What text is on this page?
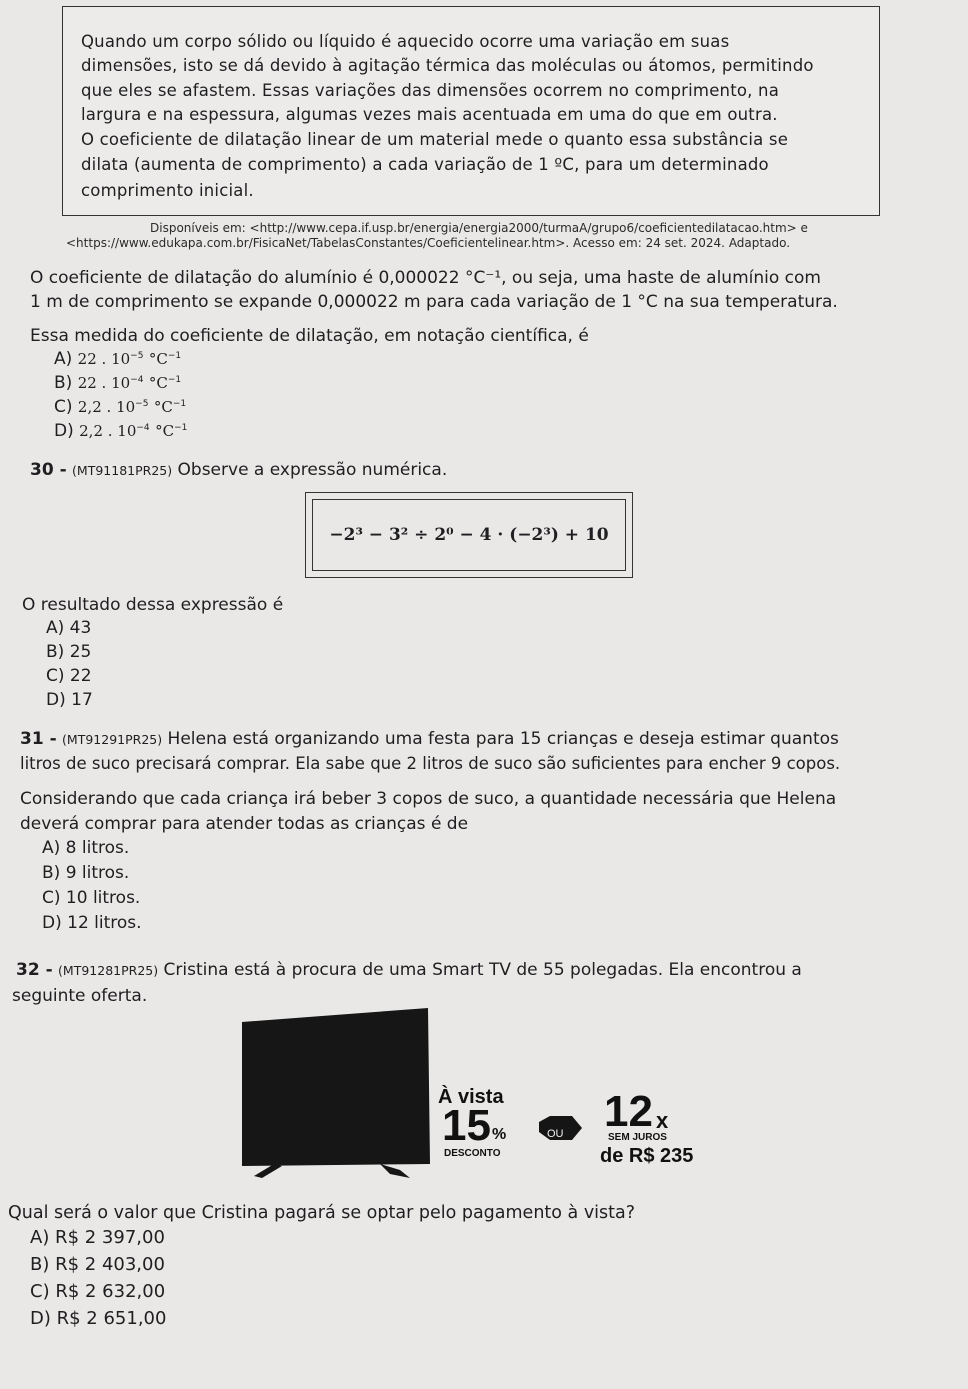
Quando um corpo sólido ou líquido é aquecido ocorre uma variação em suas
dimensões, isto se dá devido à agitação térmica das moléculas ou átomos, permitindo
que eles se afastem. Essas variações das dimensões ocorrem no comprimento, na
largura e na espessura, algumas vezes mais acentuada em uma do que em outra.
O coeficiente de dilatação linear de um material mede o quanto essa substância se
dilata (aumenta de comprimento) a cada variação de 1 ºC, para um determinado
comprimento inicial.
Disponíveis em: <http://www.cepa.if.usp.br/energia/energia2000/turmaA/grupo6/coeficientedilatacao.htm> e
<https://www.edukapa.com.br/FisicaNet/TabelasConstantes/Coeficientelinear.htm>. Acesso em: 24 set. 2024. Adaptado.
O coeficiente de dilatação do alumínio é 0,000022 °C⁻¹, ou seja, uma haste de alumínio com
1 m de comprimento se expande 0,000022 m para cada variação de 1 °C na sua temperatura.
Essa medida do coeficiente de dilatação, em notação científica, é
A) 22 . $10^{-5}$ $^\circ C^{-1}$
B) 22 . $10^{-4}$ $^\circ C^{-1}$
C) 2,2 . $10^{-5}$ $^\circ C^{-1}$
D) 2,2 . $10^{-4}$ $^\circ C^{-1}$
30 - (MT91181PR25) Observe a expressão numérica.
−2³ − 3² ÷ 2⁰ − 4 · (−2³) + 10
O resultado dessa expressão é
A) 43
B) 25
C) 22
D) 17
31 - (MT91291PR25) Helena está organizando uma festa para 15 crianças e deseja estimar quantos
litros de suco precisará comprar. Ela sabe que 2 litros de suco são suficientes para encher 9 copos.
Considerando que cada criança irá beber 3 copos de suco, a quantidade necessária que Helena
deverá comprar para atender todas as crianças é de
A) 8 litros.
B) 9 litros.
C) 10 litros.
D) 12 litros.
32 - (MT91281PR25) Cristina está à procura de uma Smart TV de 55 polegadas. Ela encontrou a
seguinte oferta.
À vista
15 %
DESCONTO
OU 12 x
SEM JUROS
de R$ 235
Qual será o valor que Cristina pagará se optar pelo pagamento à vista?
A) R$ 2 397,00
B) R$ 2 403,00
C) R$ 2 632,00
D) R$ 2 651,00
